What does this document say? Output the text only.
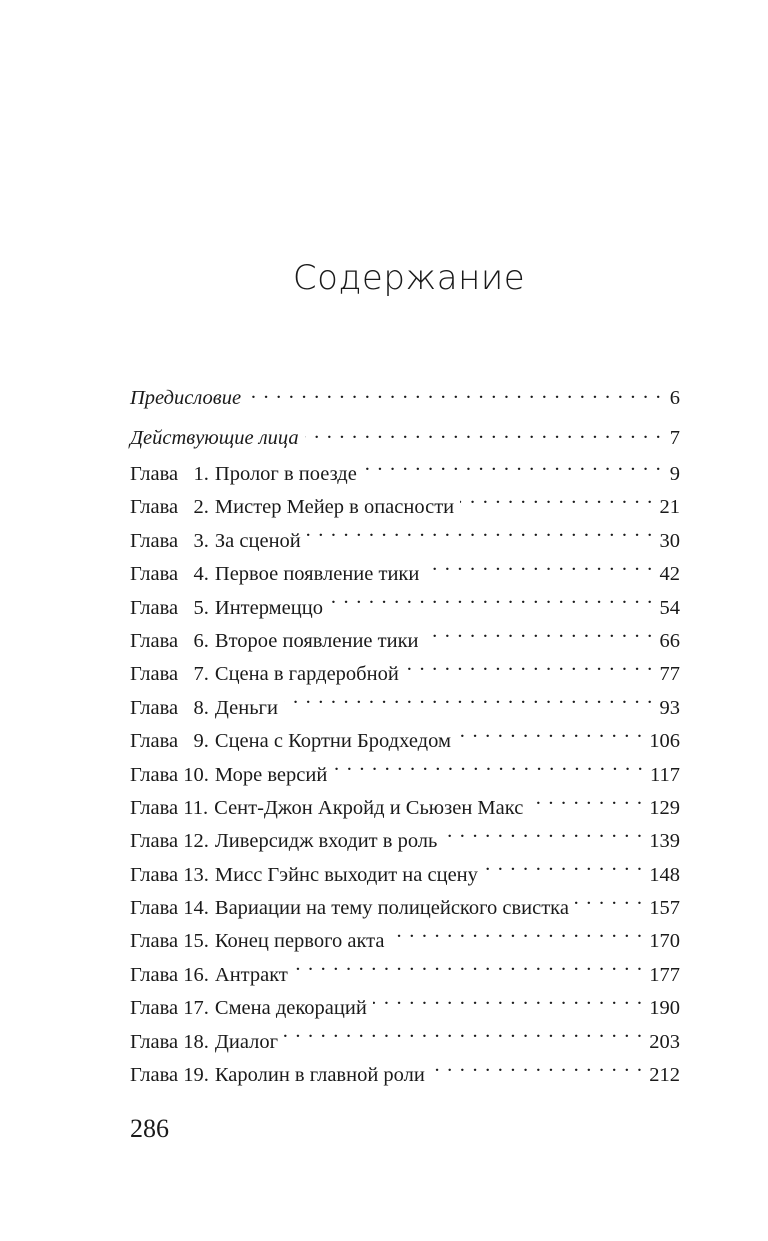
Содержание
Предисловие . . .	6
Действующие лица . . .	7
Глава   1. Пролог в поезде . . .	9
Глава   2. Мистер Мейер в опасности . . .	21
Глава   3. За сценой . . .	30
Глава   4. Первое появление тики . . .	42
Глава   5. Интермеццо . . .	54
Глава   6. Второе появление тики . . .	66
Глава   7. Сцена в гардеробной . . .	77
Глава   8. Деньги . . .	93
Глава   9. Сцена с Кортни Бродхедом . . .	106
Глава 10. Море версий . . .	117
Глава 11. Сент-Джон Акройд и Сьюзен Макс . . .	129
Глава 12. Ливерсидж входит в роль . . .	139
Глава 13. Мисс Гэйнс выходит на сцену . . .	148
Глава 14. Вариации на тему полицейского свистка . . .	157
Глава 15. Конец первого акта . . .	170
Глава 16. Антракт . . .	177
Глава 17. Смена декораций . . .	190
Глава 18. Диалог . . .	203
Глава 19. Каролин в главной роли . . .	212
286
